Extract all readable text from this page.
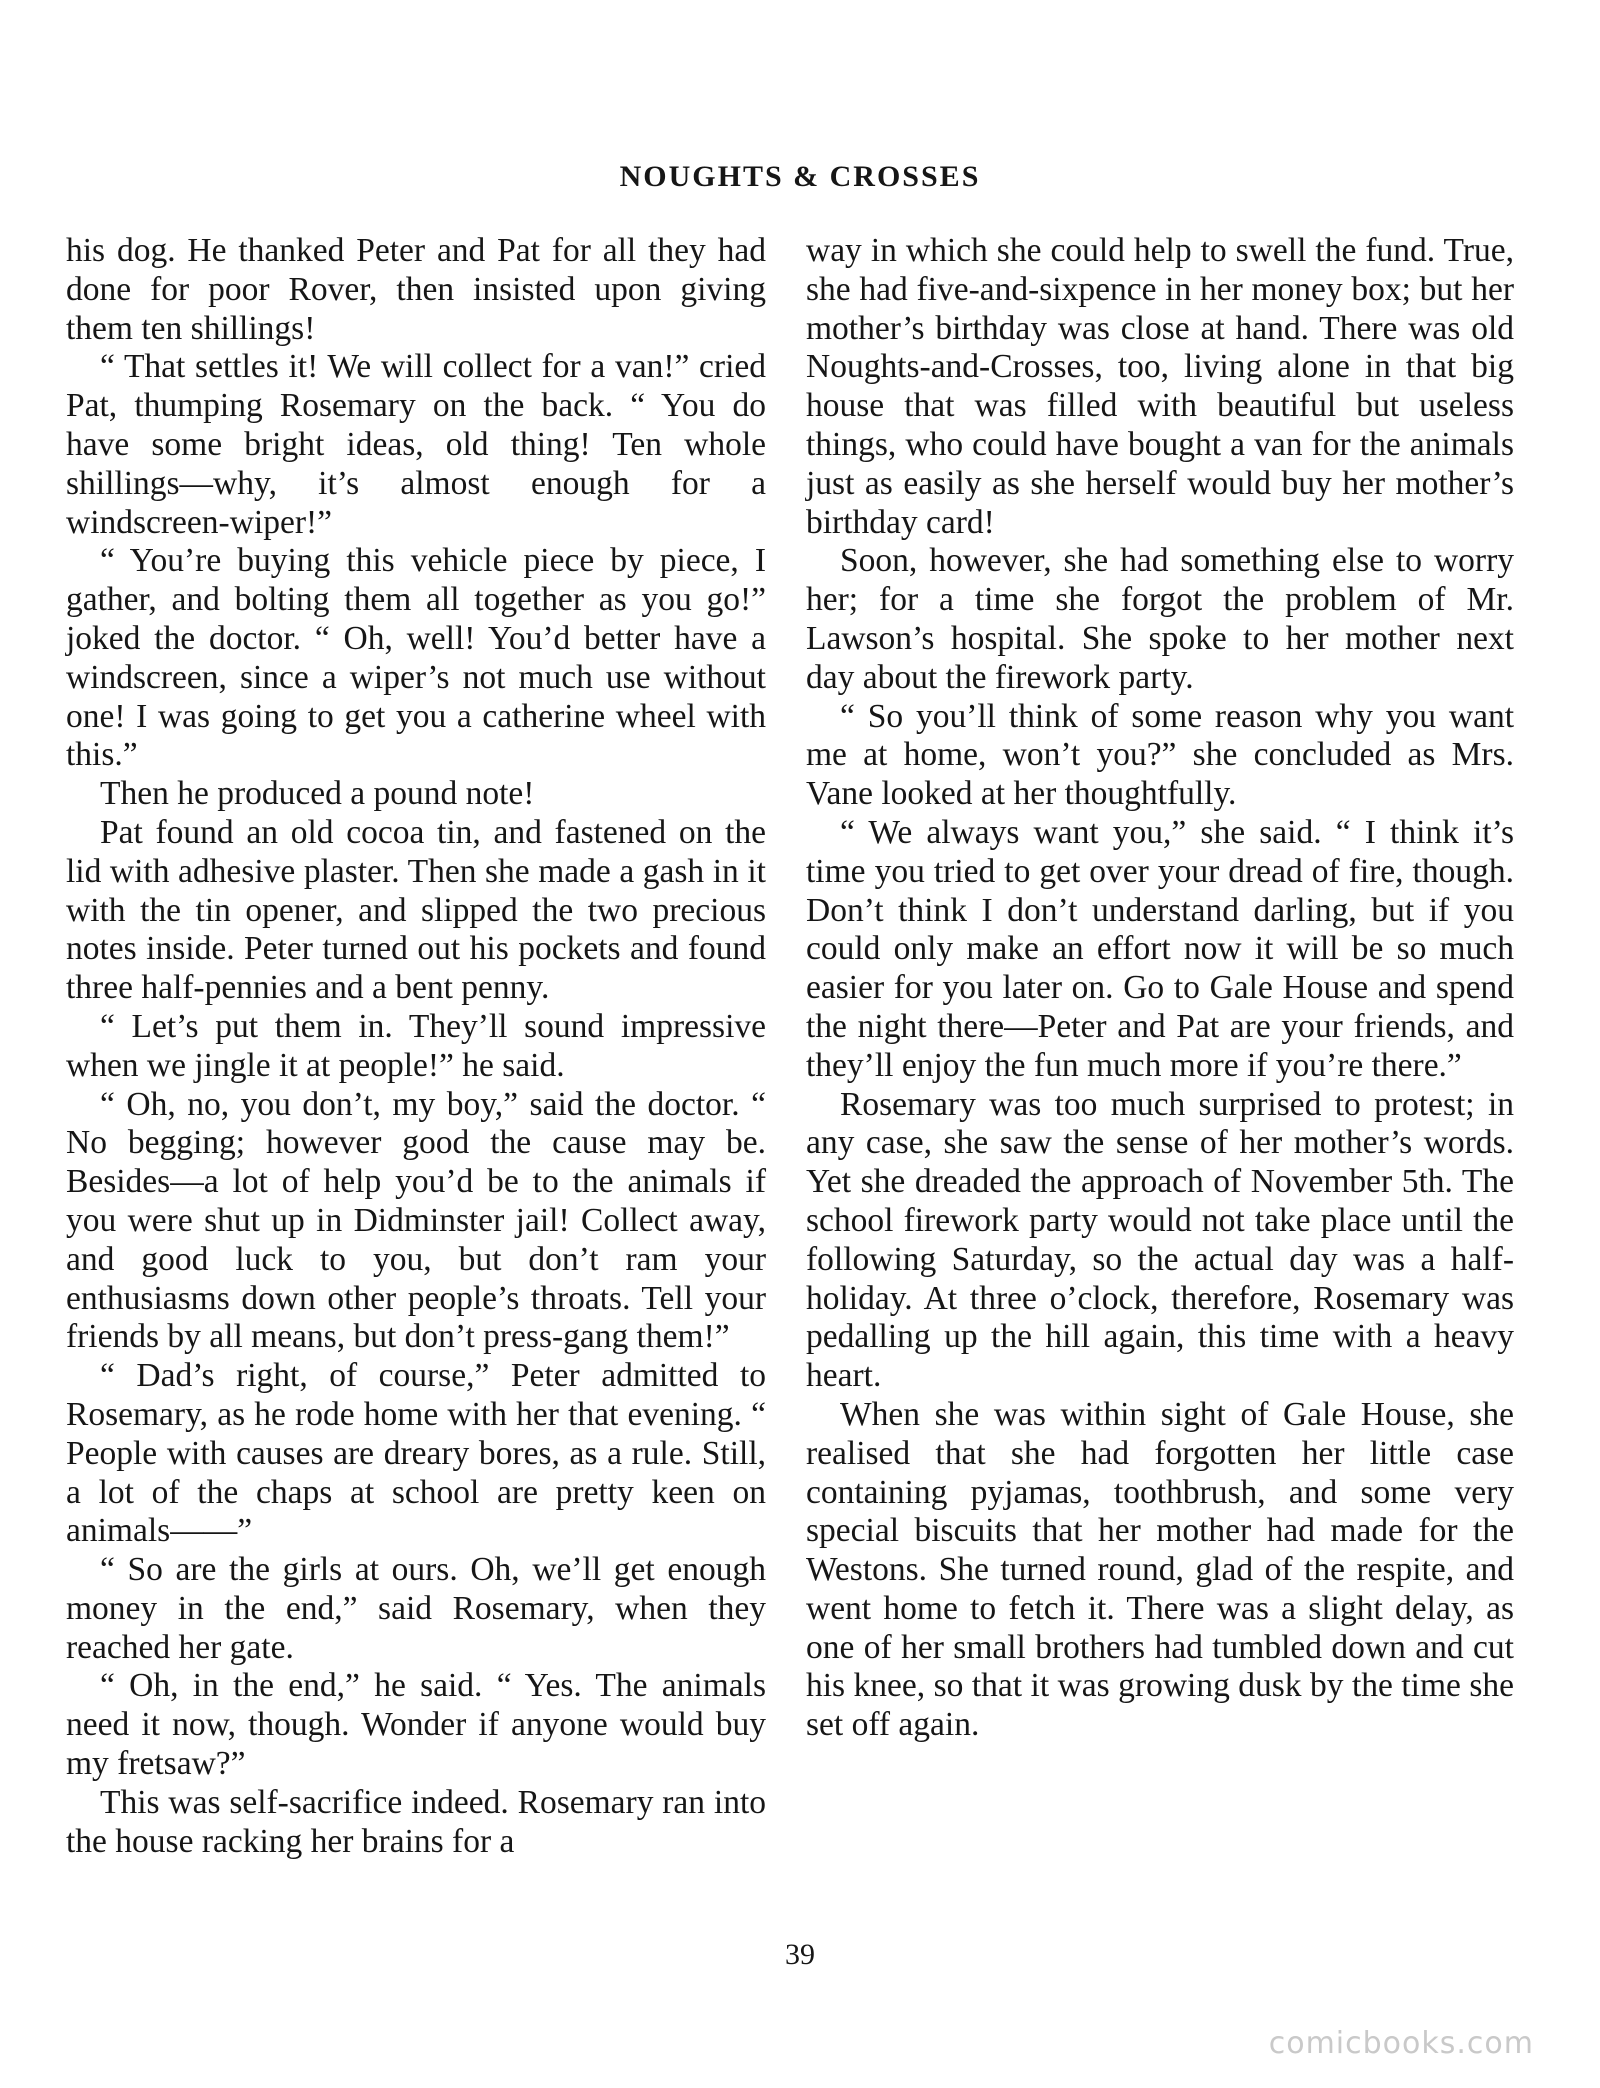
NOUGHTS & CROSSES

his dog. He thanked Peter and Pat for all they had done for poor Rover, then insisted upon giving them ten shillings!

“ That settles it! We will collect for a van!” cried Pat, thumping Rosemary on the back. “ You do have some bright ideas, old thing! Ten whole shillings—why, it’s almost enough for a windscreen-wiper!”

“ You’re buying this vehicle piece by piece, I gather, and bolting them all together as you go!” joked the doctor. “ Oh, well! You’d better have a windscreen, since a wiper’s not much use without one! I was going to get you a catherine wheel with this.”

Then he produced a pound note!

Pat found an old cocoa tin, and fastened on the lid with adhesive plaster. Then she made a gash in it with the tin opener, and slipped the two precious notes inside. Peter turned out his pockets and found three half-pennies and a bent penny.

“ Let’s put them in. They’ll sound impressive when we jingle it at people!” he said.

“ Oh, no, you don’t, my boy,” said the doctor. “ No begging; however good the cause may be. Besides—a lot of help you’d be to the animals if you were shut up in Didminster jail! Collect away, and good luck to you, but don’t ram your enthusiasms down other people’s throats. Tell your friends by all means, but don’t press-gang them!”

“ Dad’s right, of course,” Peter admitted to Rosemary, as he rode home with her that evening. “ People with causes are dreary bores, as a rule. Still, a lot of the chaps at school are pretty keen on animals——”

“ So are the girls at ours. Oh, we’ll get enough money in the end,” said Rosemary, when they reached her gate.

“ Oh, in the end,” he said. “ Yes. The animals need it now, though. Wonder if anyone would buy my fretsaw?”

This was self-sacrifice indeed. Rosemary ran into the house racking her brains for a

way in which she could help to swell the fund. True, she had five-and-sixpence in her money box; but her mother’s birthday was close at hand. There was old Noughts-and-Crosses, too, living alone in that big house that was filled with beautiful but useless things, who could have bought a van for the animals just as easily as she herself would buy her mother’s birthday card!

Soon, however, she had something else to worry her; for a time she forgot the problem of Mr. Lawson’s hospital. She spoke to her mother next day about the firework party.

“ So you’ll think of some reason why you want me at home, won’t you?” she concluded as Mrs. Vane looked at her thoughtfully.

“ We always want you,” she said. “ I think it’s time you tried to get over your dread of fire, though. Don’t think I don’t understand darling, but if you could only make an effort now it will be so much easier for you later on. Go to Gale House and spend the night there—Peter and Pat are your friends, and they’ll enjoy the fun much more if you’re there.”

Rosemary was too much surprised to protest; in any case, she saw the sense of her mother’s words. Yet she dreaded the approach of November 5th. The school firework party would not take place until the following Saturday, so the actual day was a half-holiday. At three o’clock, therefore, Rosemary was pedalling up the hill again, this time with a heavy heart.

When she was within sight of Gale House, she realised that she had forgotten her little case containing pyjamas, toothbrush, and some very special biscuits that her mother had made for the Westons. She turned round, glad of the respite, and went home to fetch it. There was a slight delay, as one of her small brothers had tumbled down and cut his knee, so that it was growing dusk by the time she set off again.

39
comicbooks.com
